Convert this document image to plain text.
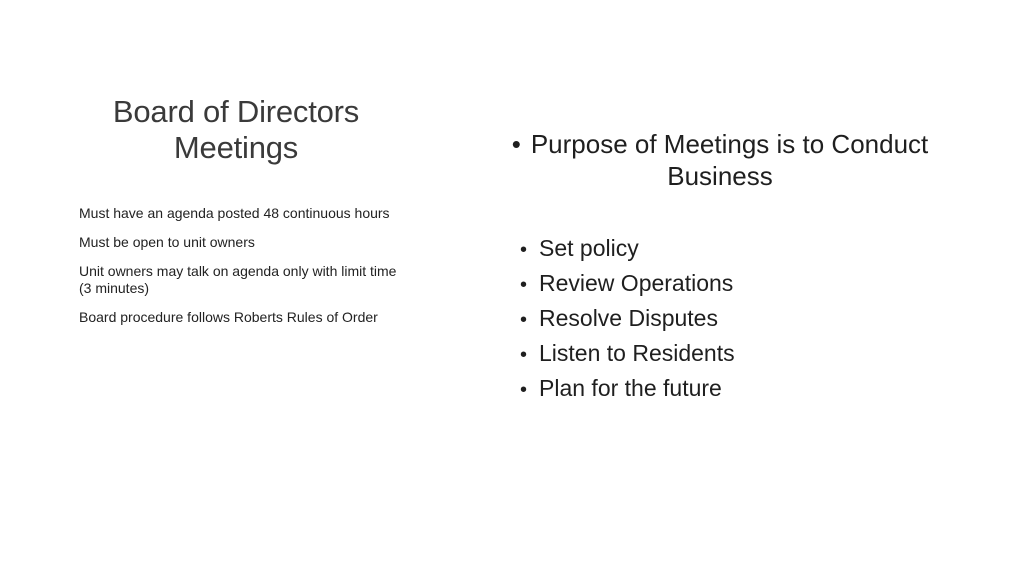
Board of Directors
Meetings

Must have an agenda posted 48 continuous hours

Must be open to unit owners

Unit owners may talk on agenda only with limit time (3 minutes)

Board procedure follows Roberts Rules of Order

• Purpose of Meetings is to Conduct Business
• Set policy
• Review Operations
• Resolve Disputes
• Listen to Residents
• Plan for the future
